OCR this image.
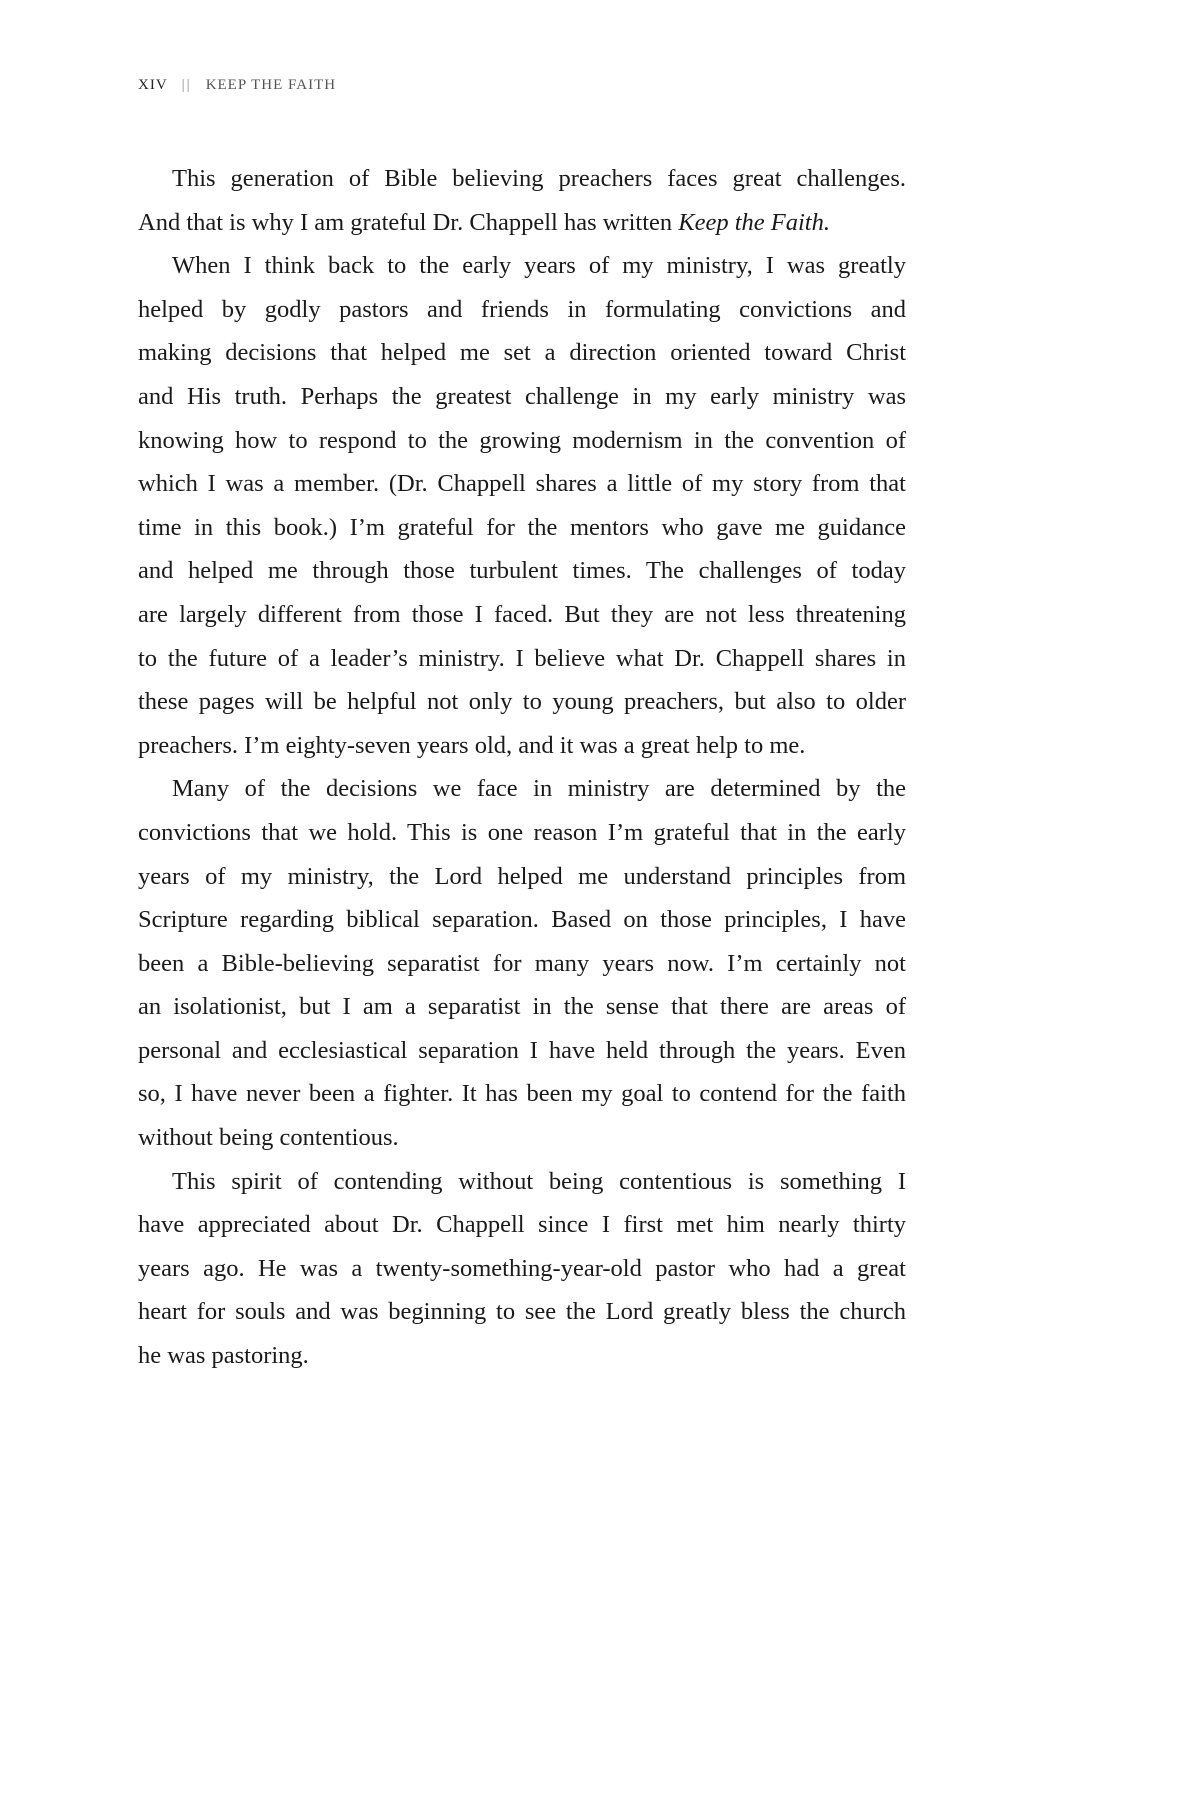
XIV || KEEP THE FAITH
This generation of Bible believing preachers faces great challenges.
And that is why I am grateful Dr. Chappell has written Keep the Faith.
When I think back to the early years of my ministry, I was greatly
helped by godly pastors and friends in formulating convictions and
making decisions that helped me set a direction oriented toward Christ
and His truth. Perhaps the greatest challenge in my early ministry was
knowing how to respond to the growing modernism in the convention of
which I was a member. (Dr. Chappell shares a little of my story from that
time in this book.) I’m grateful for the mentors who gave me guidance
and helped me through those turbulent times. The challenges of today
are largely different from those I faced. But they are not less threatening
to the future of a leader’s ministry. I believe what Dr. Chappell shares in
these pages will be helpful not only to young preachers, but also to older
preachers. I’m eighty-seven years old, and it was a great help to me.
Many of the decisions we face in ministry are determined by the
convictions that we hold. This is one reason I’m grateful that in the early
years of my ministry, the Lord helped me understand principles from
Scripture regarding biblical separation. Based on those principles, I have
been a Bible-believing separatist for many years now. I’m certainly not
an isolationist, but I am a separatist in the sense that there are areas of
personal and ecclesiastical separation I have held through the years. Even
so, I have never been a fighter. It has been my goal to contend for the faith
without being contentious.
This spirit of contending without being contentious is something I
have appreciated about Dr. Chappell since I first met him nearly thirty
years ago. He was a twenty-something-year-old pastor who had a great
heart for souls and was beginning to see the Lord greatly bless the church
he was pastoring.
